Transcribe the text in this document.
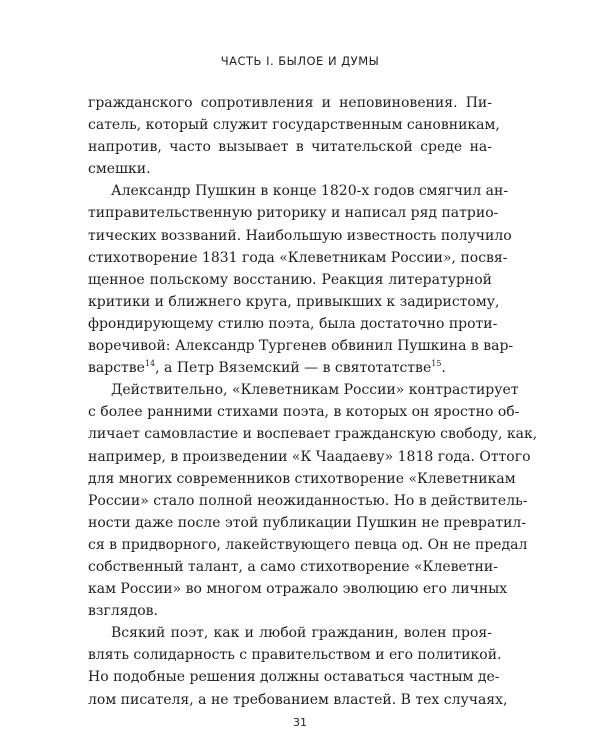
ЧАСТЬ I. БЫЛОЕ И ДУМЫ
гражданского сопротивления и неповиновения. Пи-
сатель, который служит государственным сановникам,
напротив, часто вызывает в читательской среде на-
смешки.
Александр Пушкин в конце 1820-х годов смягчил ан-
типравительственную риторику и написал ряд патрио-
тических воззваний. Наибольшую известность получило
стихотворение 1831 года «Клеветникам России», посвя-
щенное польскому восстанию. Реакция литературной
критики и ближнего круга, привыкших к задиристому,
фрондирующему стилю поэта, была достаточно проти-
воречивой: Александр Тургенев обвинил Пушкина в вар-
варстве$^{14}$, а Петр Вяземский — в святотатстве$^{15}$.
Действительно, «Клеветникам России» контрастирует
с более ранними стихами поэта, в которых он яростно об-
личает самовластие и воспевает гражданскую свободу, как,
например, в произведении «К Чаадаеву» 1818 года. Оттого
для многих современников стихотворение «Клеветникам
России» стало полной неожиданностью. Но в действитель-
ности даже после этой публикации Пушкин не превратил-
ся в придворного, лакействующего певца од. Он не предал
собственный талант, а само стихотворение «Клеветни-
кам России» во многом отражало эволюцию его личных
взглядов.
Всякий поэт, как и любой гражданин, волен проя-
влять солидарность с правительством и его политикой.
Но подобные решения должны оставаться частным де-
лом писателя, а не требованием властей. В тех случаях,
31
